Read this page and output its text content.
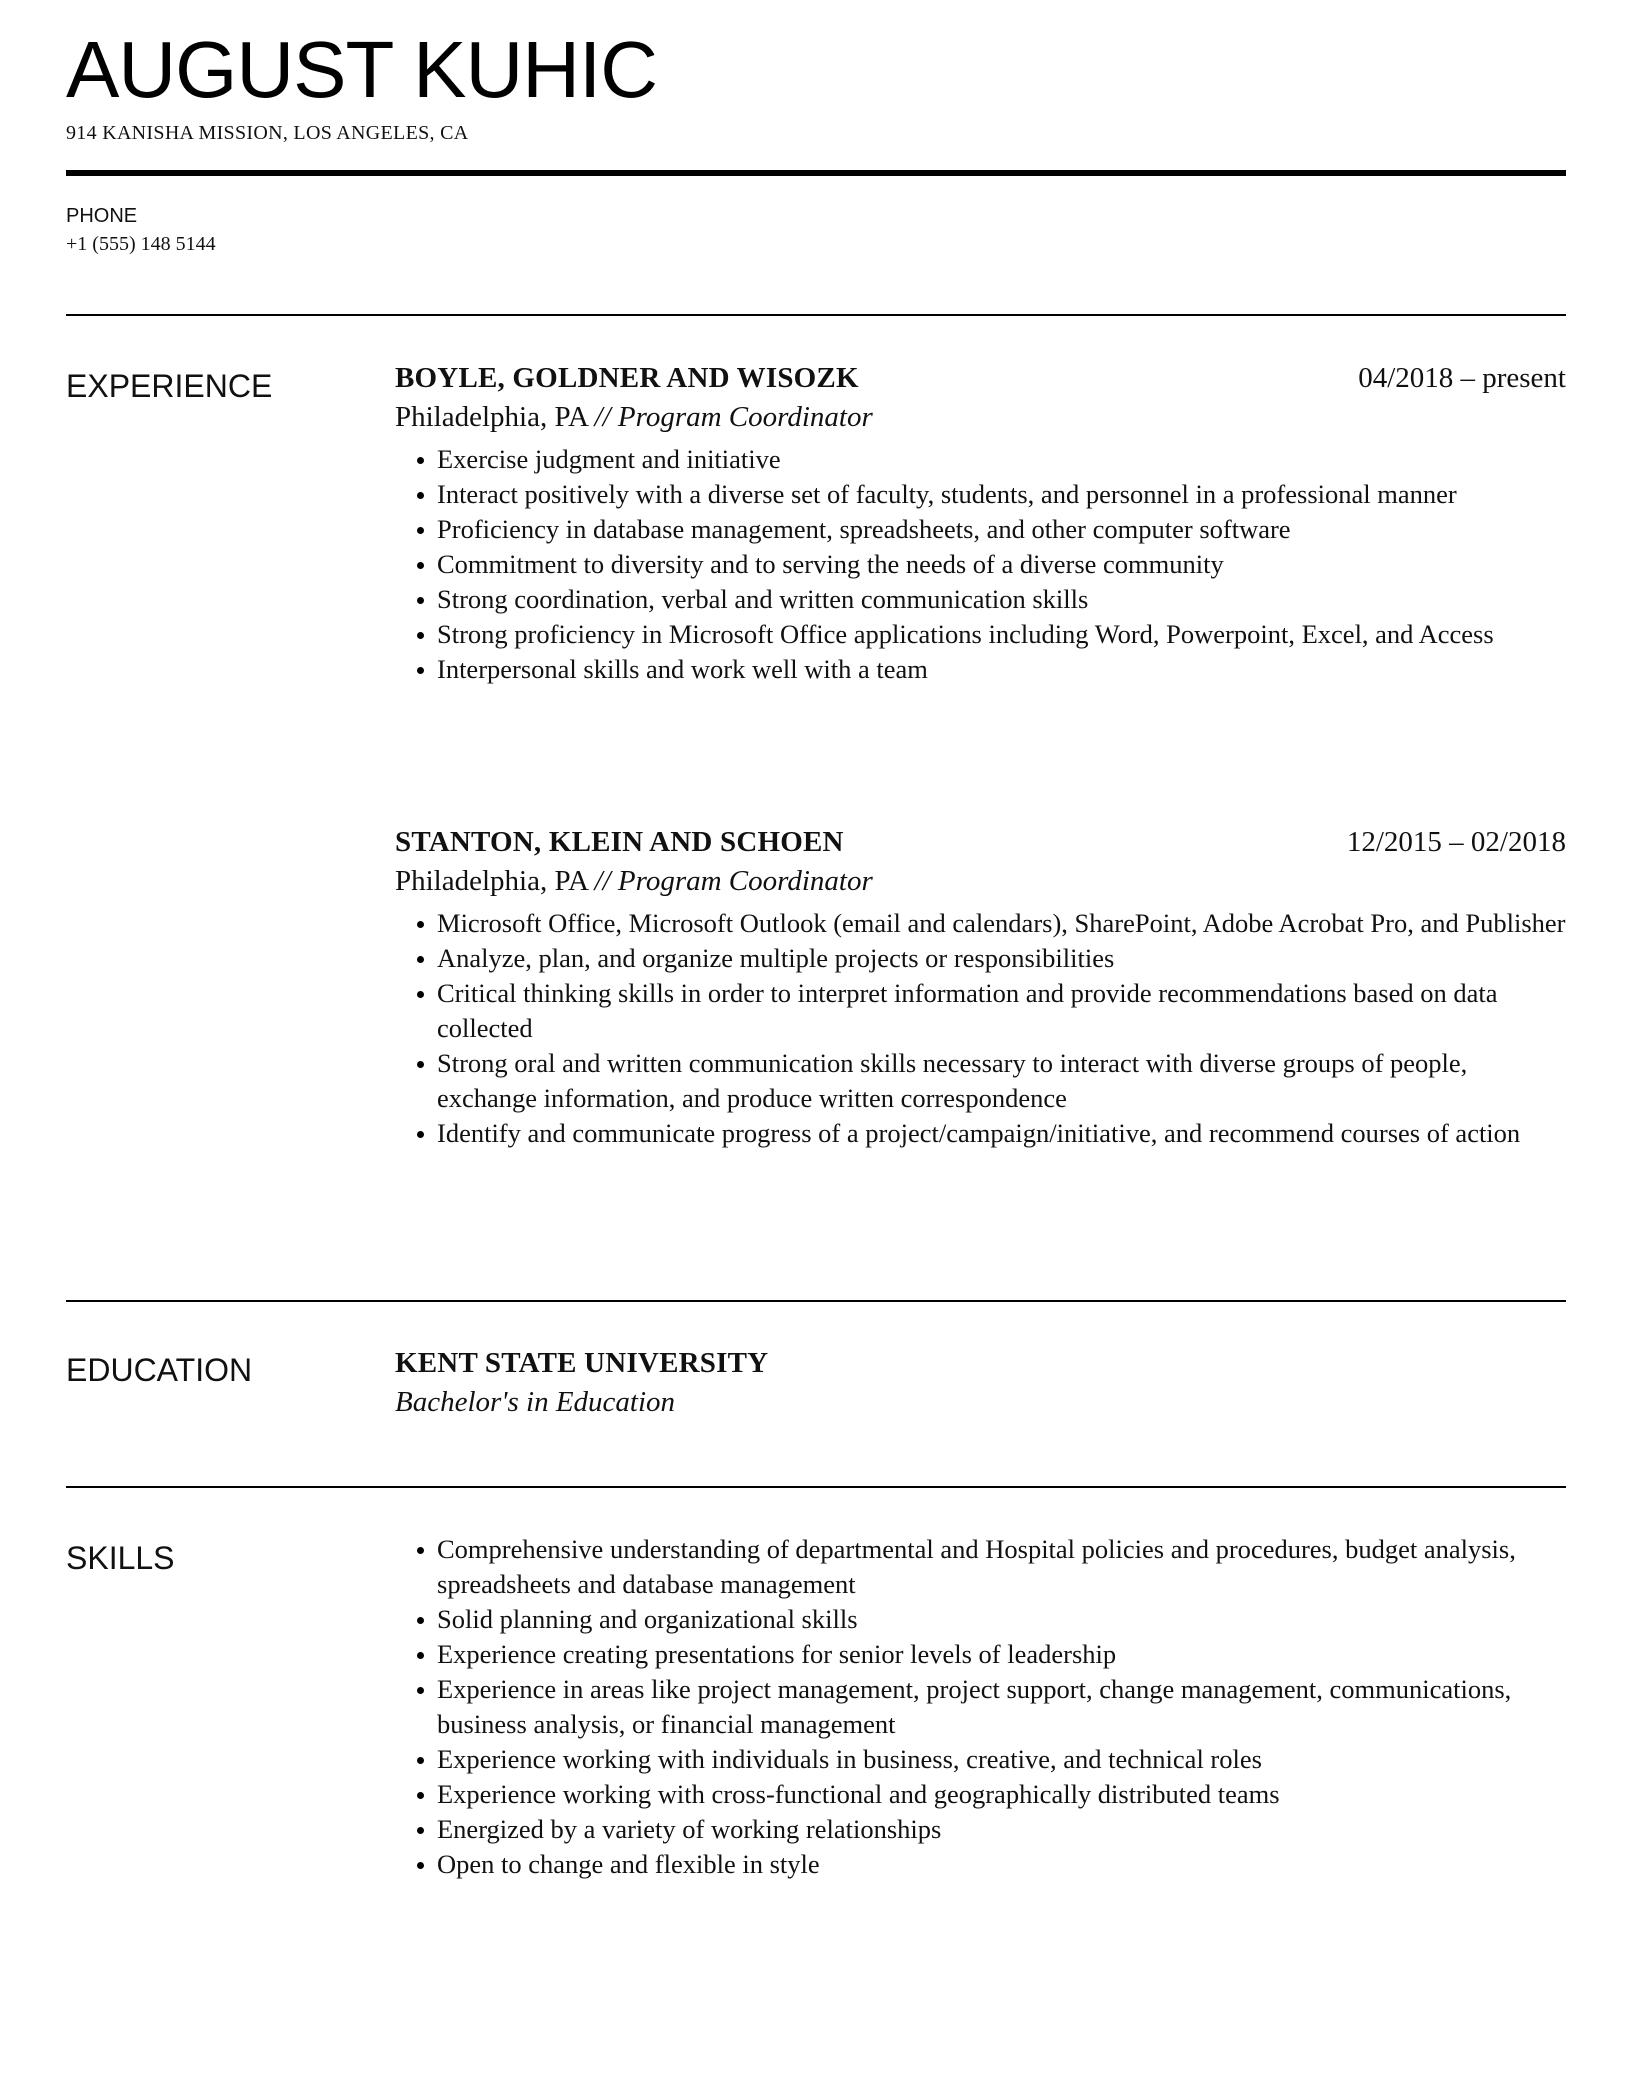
AUGUST KUHIC
914 KANISHA MISSION, LOS ANGELES, CA
PHONE
+1 (555) 148 5144
EXPERIENCE	BOYLE, GOLDNER AND WISOZK	04/2018 – present
Philadelphia, PA // Program Coordinator
Exercise judgment and initiative
Interact positively with a diverse set of faculty, students, and personnel in a professional manner
Proficiency in database management, spreadsheets, and other computer software
Commitment to diversity and to serving the needs of a diverse community
Strong coordination, verbal and written communication skills
Strong proficiency in Microsoft Office applications including Word, Powerpoint, Excel, and Access
Interpersonal skills and work well with a team
STANTON, KLEIN AND SCHOEN	12/2015 – 02/2018
Philadelphia, PA // Program Coordinator
Microsoft Office, Microsoft Outlook (email and calendars), SharePoint, Adobe Acrobat Pro, and Publisher
Analyze, plan, and organize multiple projects or responsibilities
Critical thinking skills in order to interpret information and provide recommendations based on data collected
Strong oral and written communication skills necessary to interact with diverse groups of people, exchange information, and produce written correspondence
Identify and communicate progress of a project/campaign/initiative, and recommend courses of action
EDUCATION	KENT STATE UNIVERSITY
Bachelor's in Education
SKILLS	Comprehensive understanding of departmental and Hospital policies and procedures, budget analysis, spreadsheets and database management
Solid planning and organizational skills
Experience creating presentations for senior levels of leadership
Experience in areas like project management, project support, change management, communications, business analysis, or financial management
Experience working with individuals in business, creative, and technical roles
Experience working with cross-functional and geographically distributed teams
Energized by a variety of working relationships
Open to change and flexible in style
